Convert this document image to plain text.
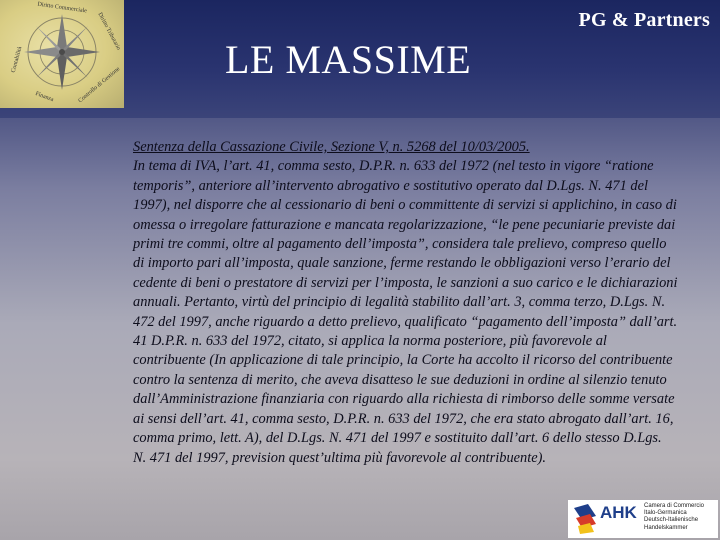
Diritto Commerciale
Diritto Tributario
Contabilità
Controllo di Gestione
Finanza
PG & Partners
LE MASSIME
Sentenza della Cassazione Civile, Sezione V, n. 5268 del 10/03/2005.
In tema di IVA, l’art. 41, comma sesto, D.P.R. n. 633 del 1972 (nel testo in vigore “ratione temporis”, anteriore all’intervento abrogativo e sostitutivo operato dal D.Lgs. N. 471 del 1997), nel disporre che al cessionario di beni o committente di servizi si applichino, in caso di omessa o irregolare fatturazione e mancata regolarizzazione, “le pene pecuniarie previste dai primi tre commi, oltre al pagamento dell’imposta”, considera tale prelievo, compreso quello di importo pari all’imposta, quale sanzione, ferme restando le obbligazioni verso l’erario del cedente di beni o prestatore di servizi per l’imposta, le sanzioni a suo carico e le dichiarazioni annuali. Pertanto, virtù del principio di legalità stabilito dall’art. 3, comma terzo, D.Lgs. N. 472 del 1997, anche riguardo a detto prelievo, qualificato “pagamento dell’imposta” dall’art. 41 D.P.R. n. 633 del 1972, citato, si applica la norma posteriore, più favorevole al contribuente (In applicazione di tale principio, la Corte ha accolto il ricorso del contribuente contro la sentenza di merito, che aveva disatteso le sue deduzioni in ordine al silenzio tenuto dall’Amministrazione finanziaria con riguardo alla richiesta di rimborso delle somme versate ai sensi dell’art. 41, comma sesto, D.P.R. n. 633 del 1972, che era stato abrogato dall’art. 16, comma primo, lett. A), del D.Lgs. N. 471 del 1997 e sostituito dall’art. 6 dello stesso D.Lgs. N. 471 del 1997, prevision quest’ultima più favorevole al contribuente).
AHK Camera di Commercio
Italo-Germanica
Deutsch-Italienische
Handelskammer
